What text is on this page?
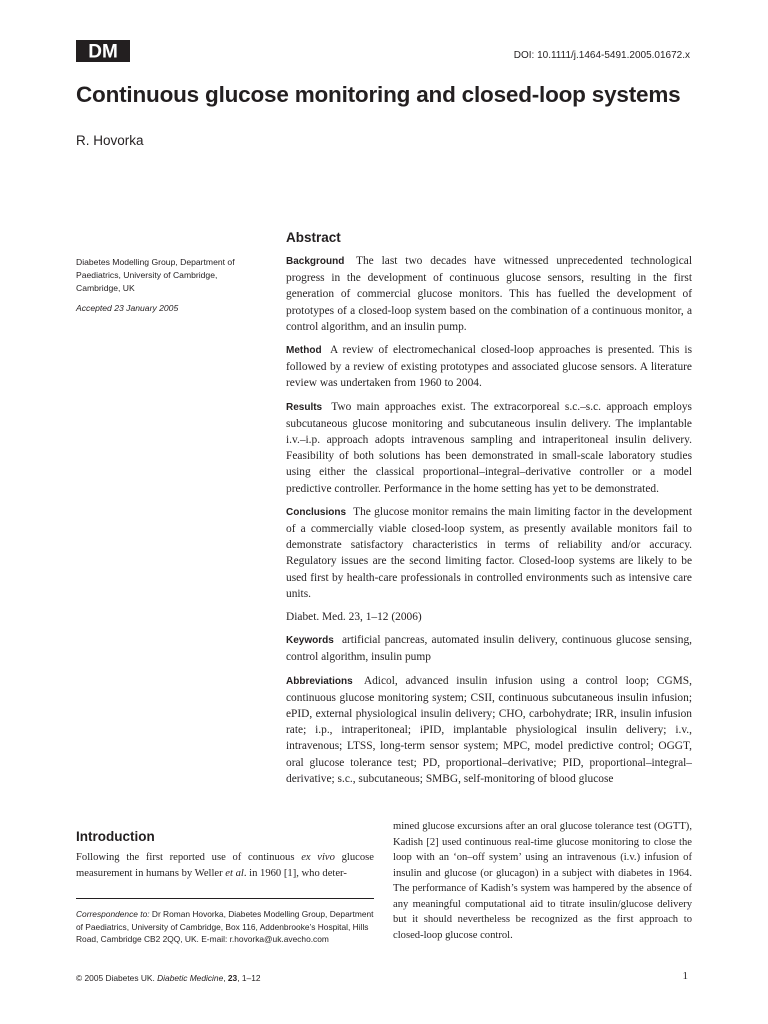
DM	DOI: 10.1111/j.1464-5491.2005.01672.x
Continuous glucose monitoring and closed-loop systems
R. Hovorka
Diabetes Modelling Group, Department of Paediatrics, University of Cambridge, Cambridge, UK
Accepted 23 January 2005
Abstract

Background The last two decades have witnessed unprecedented technological progress in the development of continuous glucose sensors, resulting in the first generation of commercial glucose monitors. This has fuelled the development of prototypes of a closed-loop system based on the combination of a continuous monitor, a control algorithm, and an insulin pump.

Method A review of electromechanical closed-loop approaches is presented. This is followed by a review of existing prototypes and associated glucose sensors. A literature review was undertaken from 1960 to 2004.

Results Two main approaches exist. The extracorporeal s.c.–s.c. approach employs subcutaneous glucose monitoring and subcutaneous insulin delivery. The implantable i.v.–i.p. approach adopts intravenous sampling and intraperitoneal insulin delivery. Feasibility of both solutions has been demonstrated in small-scale laboratory studies using either the classical proportional–integral–derivative controller or a model predictive controller. Performance in the home setting has yet to be demonstrated.

Conclusions The glucose monitor remains the main limiting factor in the development of a commercially viable closed-loop system, as presently available monitors fail to demonstrate satisfactory characteristics in terms of reliability and/or accuracy. Regulatory issues are the second limiting factor. Closed-loop systems are likely to be used first by health-care professionals in controlled environments such as intensive care units.

Diabet. Med. 23, 1–12 (2006)

Keywords artificial pancreas, automated insulin delivery, continuous glucose sensing, control algorithm, insulin pump

Abbreviations Adicol, advanced insulin infusion using a control loop; CGMS, continuous glucose monitoring system; CSII, continuous subcutaneous insulin infusion; ePID, external physiological insulin delivery; CHO, carbohydrate; IRR, insulin infusion rate; i.p., intraperitoneal; iPID, implantable physiological insulin delivery; i.v., intravenous; LTSS, long-term sensor system; MPC, model predictive control; OGGT, oral glucose tolerance test; PD, proportional–derivative; PID, proportional–integral–derivative; s.c., subcutaneous; SMBG, self-monitoring of blood glucose

Introduction

Following the first reported use of continuous ex vivo glucose measurement in humans by Weller et al. in 1960 [1], who deter-

Correspondence to: Dr Roman Hovorka, Diabetes Modelling Group, Department of Paediatrics, University of Cambridge, Box 116, Addenbrooke’s Hospital, Hills Road, Cambridge CB2 2QQ, UK. E-mail: r.hovorka@uk.avecho.com

mined glucose excursions after an oral glucose tolerance test (OGTT), Kadish [2] used continuous real-time glucose monitoring to close the loop with an ‘on–off system’ using an intravenous (i.v.) infusion of insulin and glucose (or glucagon) in a subject with diabetes in 1964. The performance of Kadish’s system was hampered by the absence of any meaningful computational aid to titrate insulin/glucose delivery but it should nevertheless be recognized as the first approach to closed-loop glucose control.

© 2005 Diabetes UK. Diabetic Medicine, 23, 1–12	1
